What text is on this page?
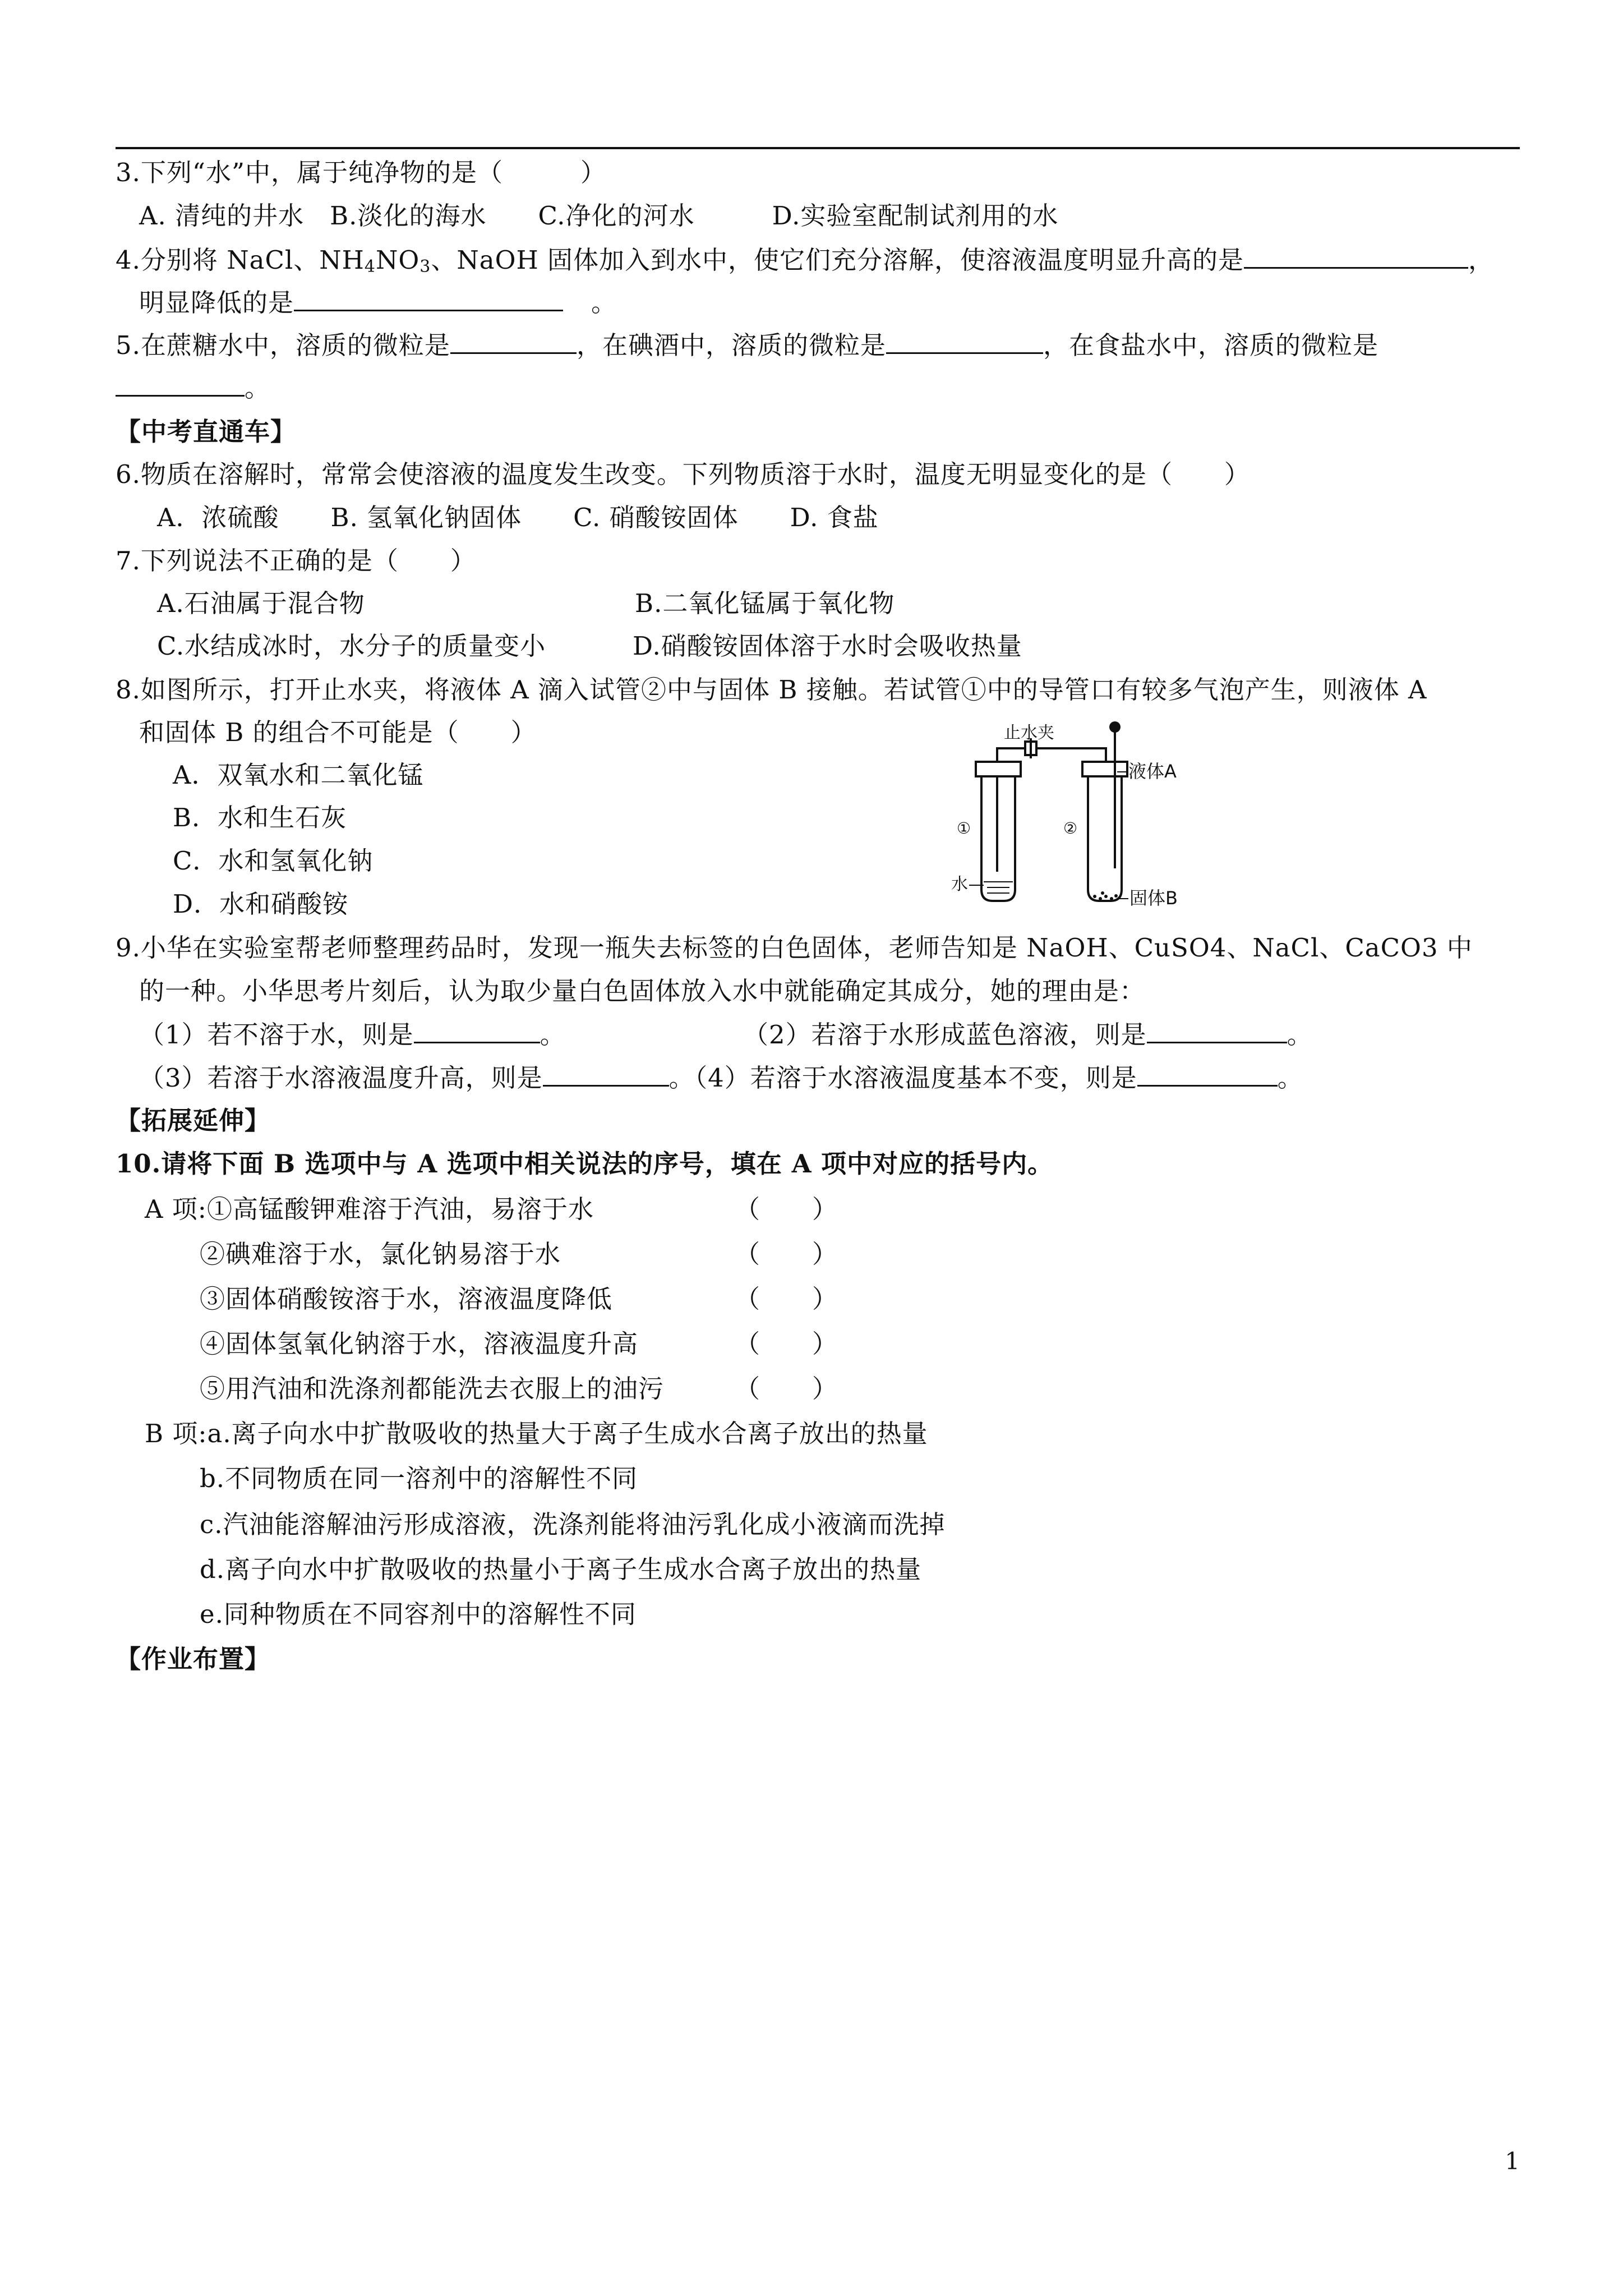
3.下列“水”中，属于纯净物的是（　　　）
A. 清纯的井水　B.淡化的海水　　C.净化的河水　　　D.实验室配制试剂用的水
4.分别将 NaCl、$NH_4NO_3$、NaOH 固体加入到水中，使它们充分溶解，使溶液温度明显升高的是	，
明显降低的是	。
5.在蔗糖水中，溶质的微粒是	，在碘酒中，溶质的微粒是	，在食盐水中，溶质的微粒是
。
【中考直通车】
6.物质在溶解时，常常会使溶液的温度发生改变。下列物质溶于水时，温度无明显变化的是（　　）
A．浓硫酸　　B. 氢氧化钠固体　　C. 硝酸铵固体　　D. 食盐
7.下列说法不正确的是（　　）
A.石油属于混合物	B.二氧化锰属于氧化物
C.水结成冰时，水分子的质量变小	D.硝酸铵固体溶于水时会吸收热量
8.如图所示，打开止水夹，将液体 A 滴入试管②中与固体 B 接触。若试管①中的导管口有较多气泡产生，则液体 A
和固体 B 的组合不可能是（　　）
A．双氧水和二氧化锰
B．水和生石灰
C．水和氢氧化钠
D．水和硝酸铵
止水夹
液体A
①	②
水
固体B
9.小华在实验室帮老师整理药品时，发现一瓶失去标签的白色固体，老师告知是 NaOH、CuSO4、NaCl、CaCO3 中
的一种。小华思考片刻后，认为取少量白色固体放入水中就能确定其成分，她的理由是：
（1）若不溶于水，则是	。	（2）若溶于水形成蓝色溶液，则是	。
（3）若溶于水溶液温度升高，则是	。（4）若溶于水溶液温度基本不变，则是	。
【拓展延伸】
10.请将下面 B 选项中与 A 选项中相关说法的序号，填在 A 项中对应的括号内。
A 项:①高锰酸钾难溶于汽油，易溶于水	（　　）
②碘难溶于水，氯化钠易溶于水	（　　）
③固体硝酸铵溶于水，溶液温度降低	（　　）
④固体氢氧化钠溶于水，溶液温度升高	（　　）
⑤用汽油和洗涤剂都能洗去衣服上的油污	（　　）
B 项:a.离子向水中扩散吸收的热量大于离子生成水合离子放出的热量
b.不同物质在同一溶剂中的溶解性不同
c.汽油能溶解油污形成溶液，洗涤剂能将油污乳化成小液滴而洗掉
d.离子向水中扩散吸收的热量小于离子生成水合离子放出的热量
e.同种物质在不同容剂中的溶解性不同
【作业布置】
1
